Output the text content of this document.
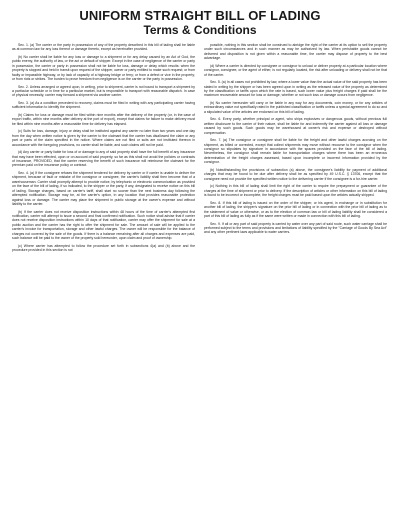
UNIFORM STRAIGHT BILL OF LADING
Terms & Conditions

Sec. 1. (a) The carrier or the party in possession of any of the property described in this bill of lading shall be liable as at common law for any loss thereof or damage thereto, except as hereinafter provided.

(b) No carrier shall be liable for any loss or damage to a shipment or for any delay caused by an Act of God, the public enemy, the authority of law, or the act or default of shipper. Except in the case of negligence of the carrier or party in possession, the carrier or party in possession shall not be liable for loss, damage or delay which results: when the property is stopped and held in transit upon request of the shipper, owner or party entitled to make such request; or from faulty or impassible highway, or by lack of capacity of a highway bridge or ferry; or from a defect or vice in the property; or from riots or strikes. The burden to prove freedom from negligence is on the carrier or the party in possession.

Sec. 2. Unless arranged or agreed upon, in writing, prior to shipment, carrier is not bound to transport a shipment by a particular schedule or in time for a particular market, but is responsible to transport with reasonable dispatch. In case of physical necessity, carrier may forward a shipment via another carrier.

Sec. 3. (a) As a condition precedent to recovery, claims must be filed in writing with any participating carrier having sufficient information to identify the shipment.

(b) Claims for loss or damage must be filed within nine months after the delivery of the property (or, in the case of export traffic, within nine months after delivery at the port of export), except that claims for failure to make delivery must be filed within nine months after a reasonable time for delivery has elapsed.

(c) Suits for loss, damage, injury or delay shall be instituted against any carrier no later than two years and one day from the day when written notice is given by the carrier to the claimant that the carrier has disallowed the claim or any part or parts of the claim specified in the notice. Where claims are not filed or suits are not instituted thereon in accordance with the foregoing provisions, no carrier shall be liable, and such claims will not be paid.

(d) Any carrier or party liable for loss of or damage to any of said property shall have the full benefit of any insurance that may have been effected, upon or on account of said property, so far as this shall not avoid the policies or contracts of insurance, PROVIDED, that the carrier reserving the benefit of such insurance will reimburse the claimant for the premium paid on the insurance policy or contract.

Sec. 4. (a) If the consignee refuses the shipment tendered for delivery by carrier or if carrier is unable to deliver the shipment, because of fault or mistake of the consignor or consignee, the carrier's liability shall then become that of a warehouseman. Carrier shall promptly attempt to provide notice, by telephonic or electronic communication as provided on the face of the bill of lading, if so indicated, to the shipper or the party, if any, designated to receive notice on this bill of lading. Storage charges, based on carrier's tariff, shall start no sooner than the next business day following the attempted notification. Storage may be, at the carrier's option, in any location that provides reasonable protection against loss or damage. The carrier may place the shipment in public storage at the owner's expense and without liability to the carrier.

(b) If the carrier does not receive disposition instructions within 48 hours of the time of carrier's attempted first notification, carrier will attempt to issue a second and final confirmed notification. Such notice shall advise that if carrier does not receive disposition instructions within 10 days of that notification, carrier may offer the shipment for sale at a public auction and the carrier has the right to offer the shipment for sale. The amount of sale will be applied to the carrier's invoice for transportation, storage and other lawful charges. The owner will be responsible for the balance of charges not covered by the sale of the goods. If there is a balance remaining after all charges and expenses are paid, such balance will be paid to the owner of the property sold hereunder, upon claim and proof of ownership.

(c) Where carrier has attempted to follow the procedure set forth in subsections 4(a) and (b) above and the procedure provided in this section is not

possible, nothing in this section shall be construed to abridge the right of the carrier at its option to sell the property under such circumstances and in such manner as may be authorized by law. When perishable goods cannot be delivered and disposition is not given within a reasonable time, the carrier may dispose of property to the best advantage.

(d) Where a carrier is directed by consignee or consignor to unload or deliver property at a particular location where consignor, consignee, or the agent of either, is not regularly located, the risk after unloading or delivery shall not be that of the carrier.

Sec. 5. (a) In all cases not prohibited by law, where a lower value than the actual value of the said property has been stated in writing by the shipper or has been agreed upon in writing as the released value of the property as determined by the classification or tariffs upon which the rate is based, such lower value plus freight charges if paid shall be the maximum recoverable amount for loss or damage, whether or not such loss or damage occurs from negligence.

(b) No carrier hereunder will carry or be liable in any way for any documents, coin money, or for any articles of extraordinary value not specifically rated in the published classification or tariffs unless a special agreement to do so and a stipulated value of the articles are endorsed on this bill of lading.

Sec. 6. Every party, whether principal or agent, who ships explosives or dangerous goods, without previous full written disclosure to the carrier of their nature, shall be liable for and indemnify the carrier against all loss or damage caused by such goods. Such goods may be warehoused at owner's risk and expense or destroyed without compensation.

Sec. 7. (a) The consignor or consignee shall be liable for the freight and other lawful charges accruing on the shipment, as billed or corrected, except that collect shipments may move without recourse to the consignor when the consignor so stipulates by signature in accordance with the spaces provided on the face of the bill of lading. Nevertheless, the consignor shall remain liable for transportation charges where there has been an erroneous determination of the freight charges assessed, based upon incomplete or incorrect information provided by the consignor.

(b) Notwithstanding the provisions of subsection (a) above, the consignee's liability for payment of additional charges that may be found to be due after delivery shall be as specified by 49 U.S.C. § 13706, except that the consignee need not provide the specified written notice to the delivering carrier if the consignee is a for-hire carrier.

(c) Nothing in this bill of lading shall limit the right of the carrier to require the prepayment or guarantee of the charges at the time of shipment or prior to delivery. If the description of articles or other information on this bill of lading is found to be incorrect or incomplete, the freight charges must be paid based upon the articles actually shipped.

Sec. 8. If this bill of lading is issued on the order of the shipper, or his agent, in exchange or in substitution for another bill of lading, the shipper's signature on the prior bill of lading or in connection with the prior bill of lading as to the statement of value or otherwise, or as to the election of common law or bill of lading liability shall be considered a part of this bill of lading as fully as if the same were written or made in connection with this bill of lading.

Sec. 9. If all or any part of said property is carried by water over any part of said route, such water carriage shall be performed subject to the terms and provisions and limitations of liability specified by the "Carriage of Goods By Sea Act" and any other pertinent laws applicable to water carriers.
